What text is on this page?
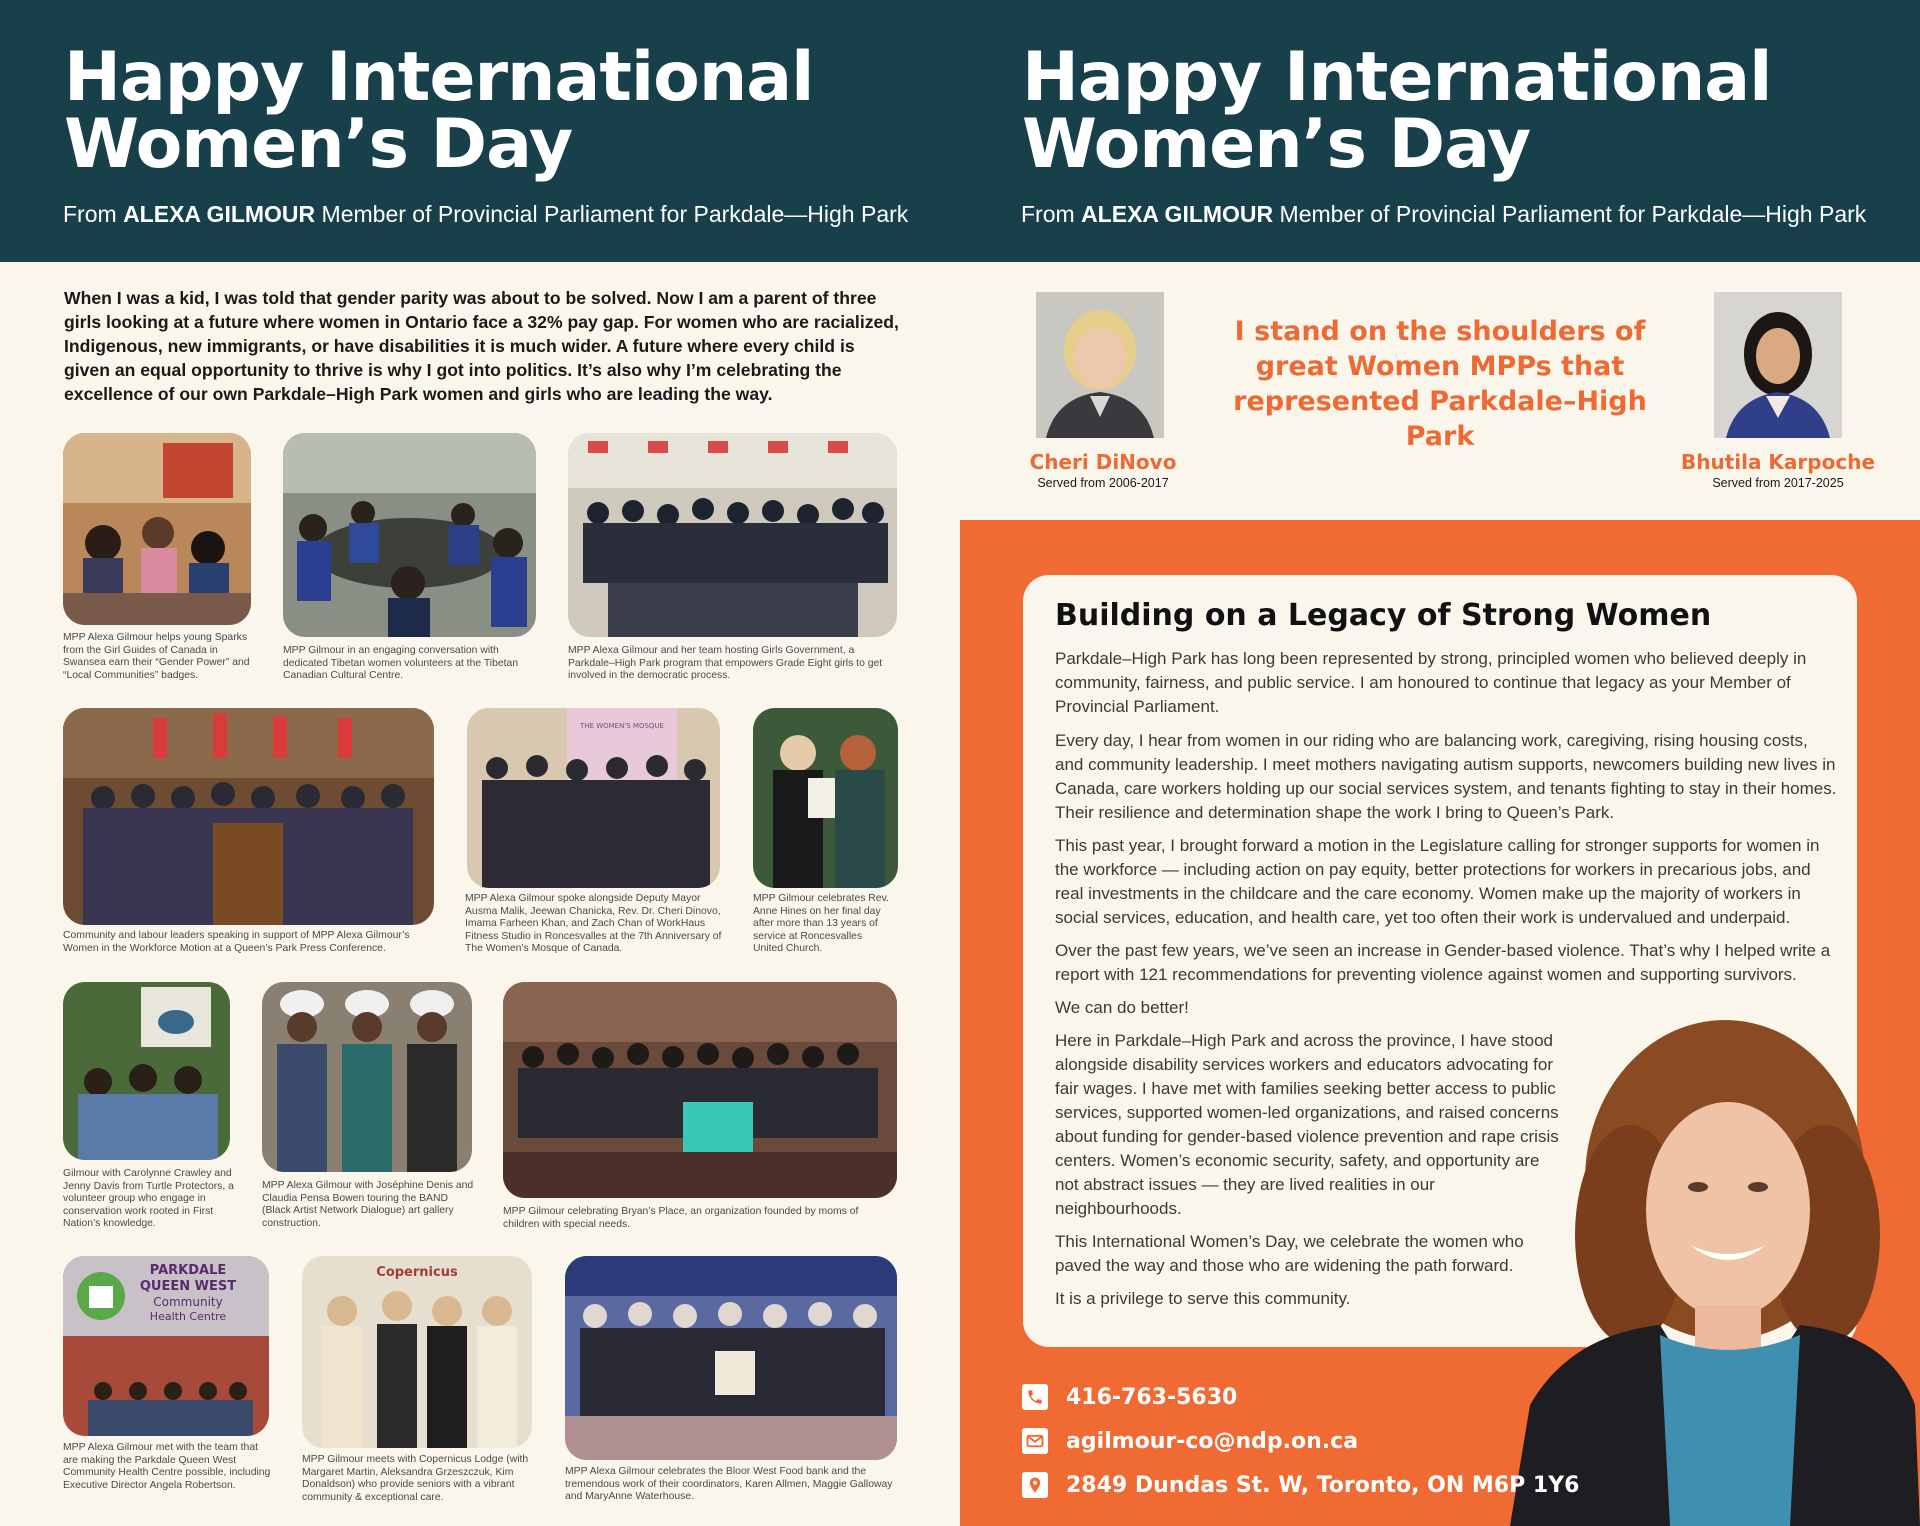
Happy International
Women’s Day
From ALEXA GILMOUR Member of Provincial Parliament for Parkdale—High Park
Happy International
Women’s Day
From ALEXA GILMOUR Member of Provincial Parliament for Parkdale—High Park
When I was a kid, I was told that gender parity was about to be solved. Now I am a parent of three girls looking at a future where women in Ontario face a 32% pay gap. For women who are racialized, Indigenous, new immigrants, or have disabilities it is much wider. A future where every child is given an equal opportunity to thrive is why I got into politics. It’s also why I’m celebrating the excellence of our own Parkdale–High Park women and girls who are leading the way.
MPP Alexa Gilmour helps young Sparks from the Girl Guides of Canada in Swansea earn their “Gender Power” and “Local Communities” badges.
MPP Gilmour in an engaging conversation with dedicated Tibetan women volunteers at the Tibetan Canadian Cultural Centre.
MPP Alexa Gilmour and her team hosting Girls Government, a Parkdale–High Park program that empowers Grade Eight girls to get involved in the democratic process.
THE WOMEN'S MOSQUE
Community and labour leaders speaking in support of MPP Alexa Gilmour’s Women in the Workforce Motion at a Queen’s Park Press Conference.
MPP Alexa Gilmour spoke alongside Deputy Mayor Ausma Malik, Jeewan Chanicka, Rev. Dr. Cheri Dinovo, Imama Farheen Khan, and Zach Chan of WorkHaus Fitness Studio in Roncesvalles at the 7th Anniversary of The Women’s Mosque of Canada.
MPP Gilmour celebrates Rev. Anne Hines on her final day after more than 13 years of service at Roncesvalles United Church.
Gilmour with Carolynne Crawley and Jenny Davis from Turtle Protectors, a volunteer group who engage in conservation work rooted in First Nation’s knowledge.
MPP Alexa Gilmour with Joséphine Denis and Claudia Pensa Bowen touring the BAND (Black Artist Network Dialogue) art gallery construction.
MPP Gilmour celebrating Bryan’s Place, an organization founded by moms of children with special needs.
PARKDALE
QUEEN WEST
Community
Health Centre
Copernicus
MPP Alexa Gilmour met with the team that are making the Parkdale Queen West Community Health Centre possible, including Executive Director Angela Robertson.
MPP Gilmour meets with Copernicus Lodge (with Margaret Martin, Aleksandra Grzeszczuk, Kim Donaldson) who provide seniors with a vibrant community & exceptional care.
MPP Alexa Gilmour celebrates the Bloor West Food bank and the tremendous work of their coordinators, Karen Allmen, Maggie Galloway and MaryAnne Waterhouse.
Cheri DiNovo
Served from 2006-2017
I stand on the shoulders of great Women MPPs that represented Parkdale–High Park
Bhutila Karpoche
Served from 2017-2025
Building on a Legacy of Strong Women
Parkdale–High Park has long been represented by strong, principled women who believed deeply in community, fairness, and public service. I am honoured to continue that legacy as your Member of Provincial Parliament.
Every day, I hear from women in our riding who are balancing work, caregiving, rising housing costs, and community leadership. I meet mothers navigating autism supports, newcomers building new lives in Canada, care workers holding up our social services system, and tenants fighting to stay in their homes. Their resilience and determination shape the work I bring to Queen’s Park.
This past year, I brought forward a motion in the Legislature calling for stronger supports for women in the workforce — including action on pay equity, better protections for workers in precarious jobs, and real investments in the childcare and the care economy. Women make up the majority of workers in social services, education, and health care, yet too often their work is undervalued and underpaid.
Over the past few years, we’ve seen an increase in Gender-based violence. That’s why I helped write a report with 121 recommendations for preventing violence against women and supporting survivors.
We can do better!
Here in Parkdale–High Park and across the province, I have stood alongside disability services workers and educators advocating for fair wages. I have met with families seeking better access to public services, supported women-led organizations, and raised concerns about funding for gender-based violence prevention and rape crisis centers. Women’s economic security, safety, and opportunity are not abstract issues — they are lived realities in our neighbourhoods.
This International Women’s Day, we celebrate the women who paved the way and those who are widening the path forward.
It is a privilege to serve this community.
416-763-5630
agilmour-co@ndp.on.ca
2849 Dundas St. W, Toronto, ON M6P 1Y6
